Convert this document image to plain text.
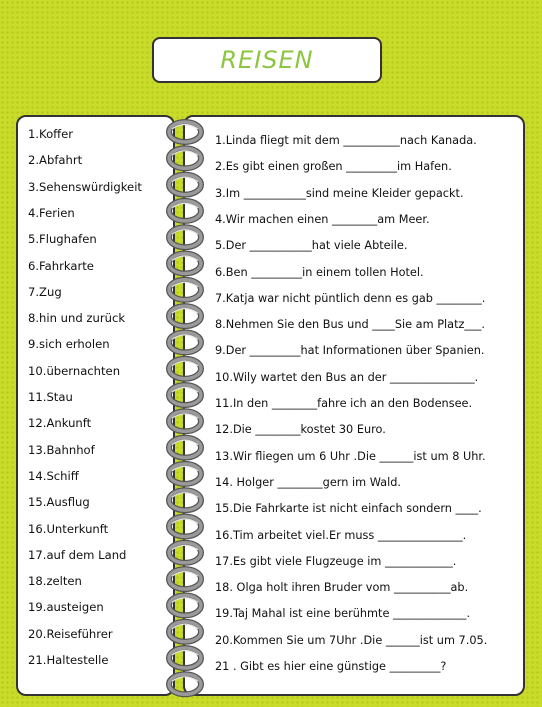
REISEN
1.Koffer
2.Abfahrt
3.Sehenswürdigkeit
4.Ferien
5.Flughafen
6.Fahrkarte
7.Zug
8.hin und zurück
9.sich erholen
10.übernachten
11.Stau
12.Ankunft
13.Bahnhof
14.Schiff
15.Ausflug
16.Unterkunft
17.auf dem Land
18.zelten
19.austeigen
20.Reiseführer
21.Haltestelle
1.Linda fliegt mit dem __________nach Kanada.
2.Es gibt einen großen _________im Hafen.
3.Im ___________sind meine Kleider gepackt.
4.Wir machen einen ________am Meer.
5.Der ___________hat viele Abteile.
6.Ben _________in einem tollen Hotel.
7.Katja war nicht püntlich denn es gab ________.
8.Nehmen Sie den Bus und ____Sie am Platz___.
9.Der _________hat Informationen über Spanien.
10.Wily wartet den Bus an der _______________.
11.In den ________fahre ich an den Bodensee.
12.Die ________kostet 30 Euro.
13.Wir fliegen um 6 Uhr .Die ______ist um 8 Uhr.
14. Holger ________gern im Wald.
15.Die Fahrkarte ist nicht einfach sondern ____.
16.Tim arbeitet viel.Er muss _______________.
17.Es gibt viele Flugzeuge im ____________.
18. Olga holt ihren Bruder vom __________ab.
19.Taj Mahal ist eine berühmte _____________.
20.Kommen Sie um 7Uhr .Die ______ist um 7.05.
21 . Gibt es hier eine günstige _________?
